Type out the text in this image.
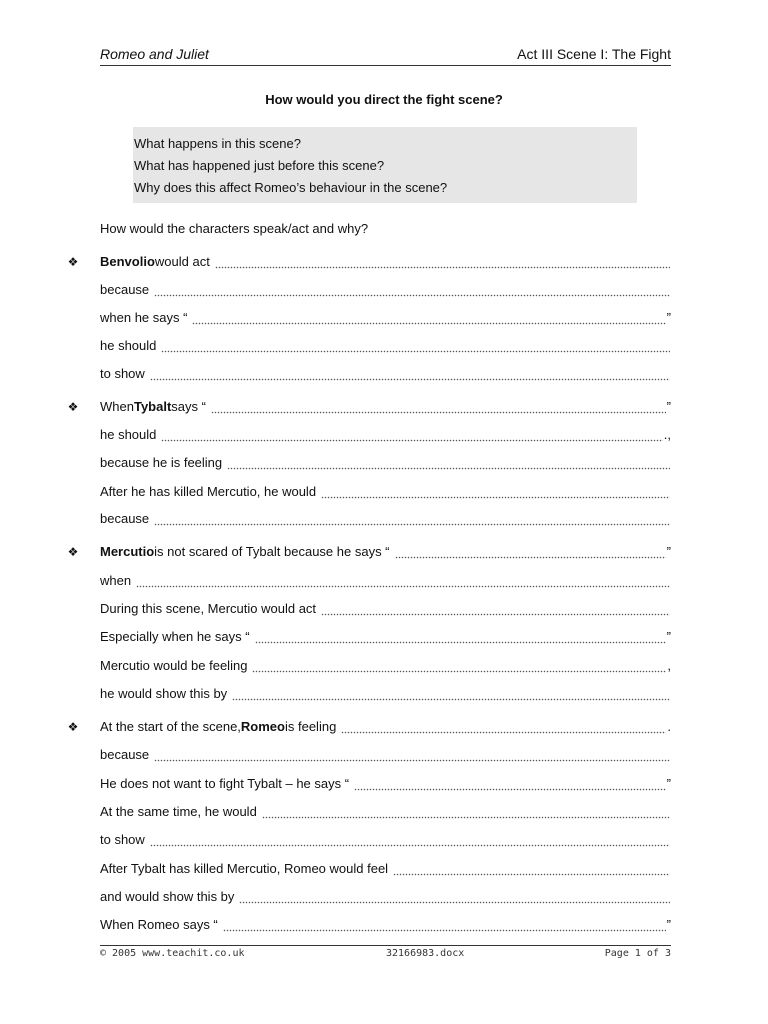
Romeo and Juliet	Act III Scene I: The Fight
How would you direct the fight scene?
What happens in this scene?
What has happened just before this scene?
Why does this affect Romeo’s behaviour in the scene?
How would the characters speak/act and why?
❖ Benvolio would act
because
when he says “	”
he should
to show
❖ When Tybalt says “	”
he should	.,
because he is feeling
After he has killed Mercutio, he would
because
❖ Mercutio is not scared of Tybalt because he says “	”
when
During this scene, Mercutio would act
Especially when he says “	”
Mercutio would be feeling	,
he would show this by
❖ At the start of the scene, Romeo is feeling	.
because
He does not want to fight Tybalt – he says “	”
At the same time, he would
to show
After Tybalt has killed Mercutio, Romeo would feel
and would show this by
When Romeo says “	”
© 2005 www.teachit.co.uk	32166983.docx	Page 1 of 3
